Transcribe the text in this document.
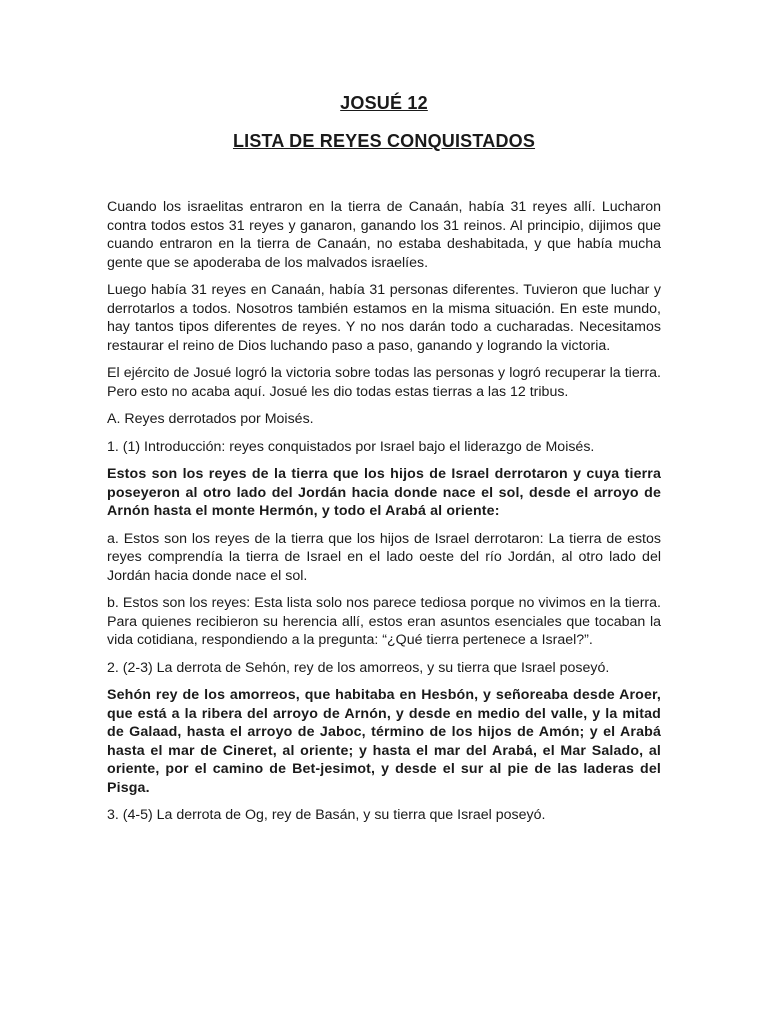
JOSUÉ 12
LISTA DE REYES CONQUISTADOS

Cuando los israelitas entraron en la tierra de Canaán, había 31 reyes allí. Lucharon contra todos estos 31 reyes y ganaron, ganando los 31 reinos. Al principio, dijimos que cuando entraron en la tierra de Canaán, no estaba deshabitada, y que había mucha gente que se apoderaba de los malvados israelíes.

Luego había 31 reyes en Canaán, había 31 personas diferentes. Tuvieron que luchar y derrotarlos a todos. Nosotros también estamos en la misma situación. En este mundo, hay tantos tipos diferentes de reyes. Y no nos darán todo a cucharadas. Necesitamos restaurar el reino de Dios luchando paso a paso, ganando y logrando la victoria.

El ejército de Josué logró la victoria sobre todas las personas y logró recuperar la tierra. Pero esto no acaba aquí. Josué les dio todas estas tierras a las 12 tribus.

A. Reyes derrotados por Moisés.

1. (1) Introducción: reyes conquistados por Israel bajo el liderazgo de Moisés.

Estos son los reyes de la tierra que los hijos de Israel derrotaron y cuya tierra poseyeron al otro lado del Jordán hacia donde nace el sol, desde el arroyo de Arnón hasta el monte Hermón, y todo el Arabá al oriente:

a. Estos son los reyes de la tierra que los hijos de Israel derrotaron: La tierra de estos reyes comprendía la tierra de Israel en el lado oeste del río Jordán, al otro lado del Jordán hacia donde nace el sol.

b. Estos son los reyes: Esta lista solo nos parece tediosa porque no vivimos en la tierra. Para quienes recibieron su herencia allí, estos eran asuntos esenciales que tocaban la vida cotidiana, respondiendo a la pregunta: “¿Qué tierra pertenece a Israel?”.

2. (2-3) La derrota de Sehón, rey de los amorreos, y su tierra que Israel poseyó.

Sehón rey de los amorreos, que habitaba en Hesbón, y señoreaba desde Aroer, que está a la ribera del arroyo de Arnón, y desde en medio del valle, y la mitad de Galaad, hasta el arroyo de Jaboc, término de los hijos de Amón; y el Arabá hasta el mar de Cineret, al oriente; y hasta el mar del Arabá, el Mar Salado, al oriente, por el camino de Bet-jesimot, y desde el sur al pie de las laderas del Pisga.

3. (4-5) La derrota de Og, rey de Basán, y su tierra que Israel poseyó.
